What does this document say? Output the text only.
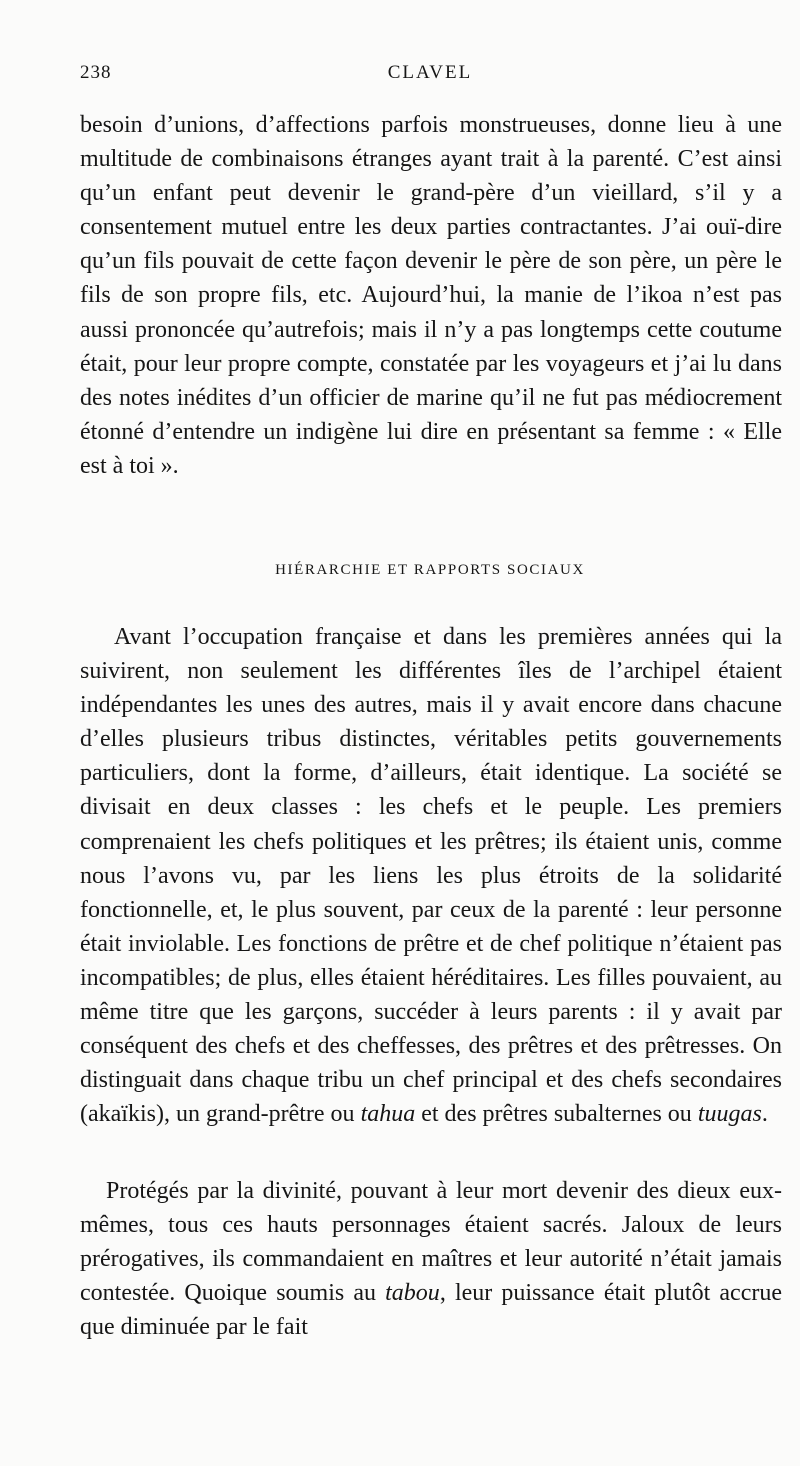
238	CLAVEL

besoin d’unions, d’affections parfois monstrueuses, donne lieu à une multitude de combinaisons étranges ayant trait à la parenté. C’est ainsi qu’un enfant peut devenir le grand-père d’un vieillard, s’il y a consentement mutuel entre les deux parties contractantes. J’ai ouï-dire qu’un fils pouvait de cette façon devenir le père de son père, un père le fils de son propre fils, etc. Aujourd’hui, la manie de l’ikoa n’est pas aussi prononcée qu’autrefois; mais il n’y a pas longtemps cette coutume était, pour leur propre compte, constatée par les voyageurs et j’ai lu dans des notes inédites d’un officier de marine qu’il ne fut pas médiocrement étonné d’entendre un indigène lui dire en présentant sa femme : « Elle est à toi ».

HIÉRARCHIE ET RAPPORTS SOCIAUX

Avant l’occupation française et dans les premières années qui la suivirent, non seulement les différentes îles de l’archipel étaient indépendantes les unes des autres, mais il y avait encore dans chacune d’elles plusieurs tribus distinctes, véritables petits gouvernements particuliers, dont la forme, d’ailleurs, était identique. La société se divisait en deux classes : les chefs et le peuple. Les premiers comprenaient les chefs politiques et les prêtres; ils étaient unis, comme nous l’avons vu, par les liens les plus étroits de la solidarité fonctionnelle, et, le plus souvent, par ceux de la parenté : leur personne était inviolable. Les fonctions de prêtre et de chef politique n’étaient pas incompatibles; de plus, elles étaient héréditaires. Les filles pouvaient, au même titre que les garçons, succéder à leurs parents : il y avait par conséquent des chefs et des cheffesses, des prêtres et des prêtresses. On distinguait dans chaque tribu un chef principal et des chefs secondaires (akaïkis), un grand-prêtre ou tahua et des prêtres subalternes ou tuugas.

Protégés par la divinité, pouvant à leur mort devenir des dieux eux-mêmes, tous ces hauts personnages étaient sacrés. Jaloux de leurs prérogatives, ils commandaient en maîtres et leur autorité n’était jamais contestée. Quoique soumis au tabou, leur puissance était plutôt accrue que diminuée par le fait
